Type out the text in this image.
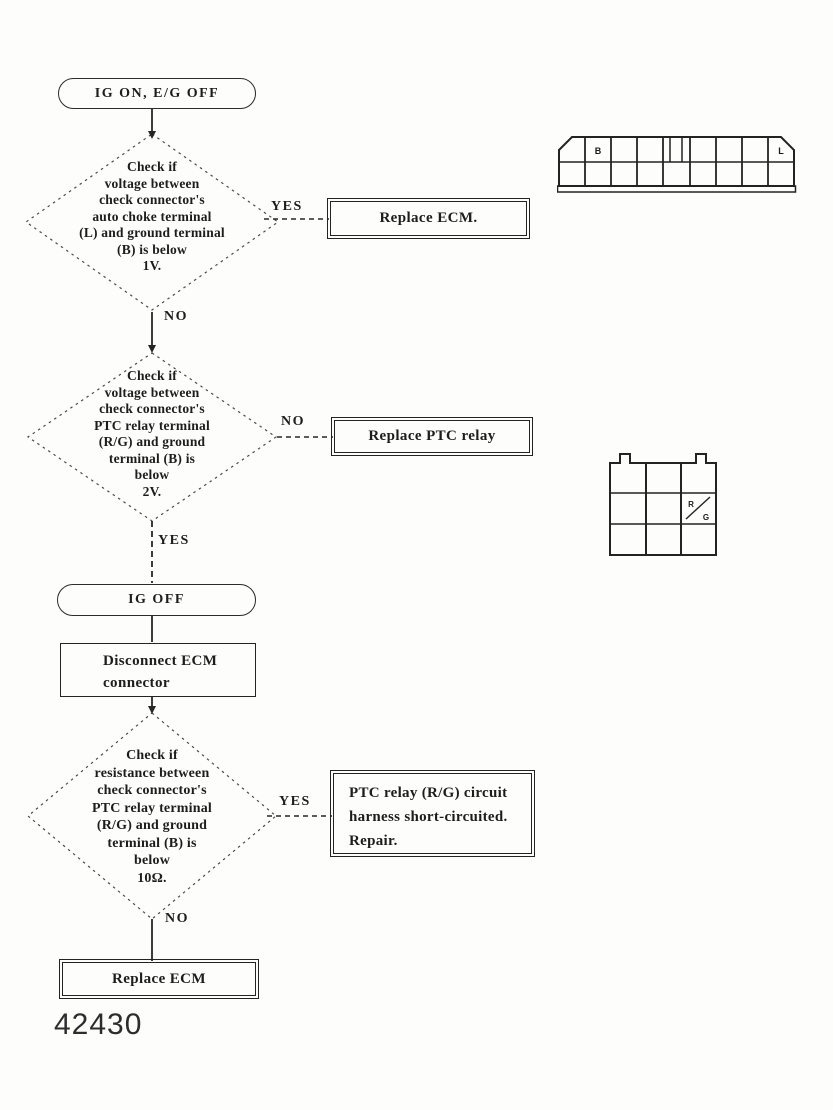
IG ON, E/G OFF
Check if
voltage between
check connector's
auto choke terminal
(L) and ground terminal
(B) is below
1V.
YES
Replace ECM.
NO
Check if
voltage between
check connector's
PTC relay terminal
(R/G) and ground
terminal (B) is
below
2V.
NO
Replace PTC relay
YES
IG OFF
Disconnect ECM
connector
Check if
resistance between
check connector's
PTC relay terminal
(R/G) and ground
terminal (B) is
below
10Ω.
YES
PTC relay (R/G) circuit
harness short-circuited.
Repair.
NO
Replace ECM
42430
B	L
R
G
